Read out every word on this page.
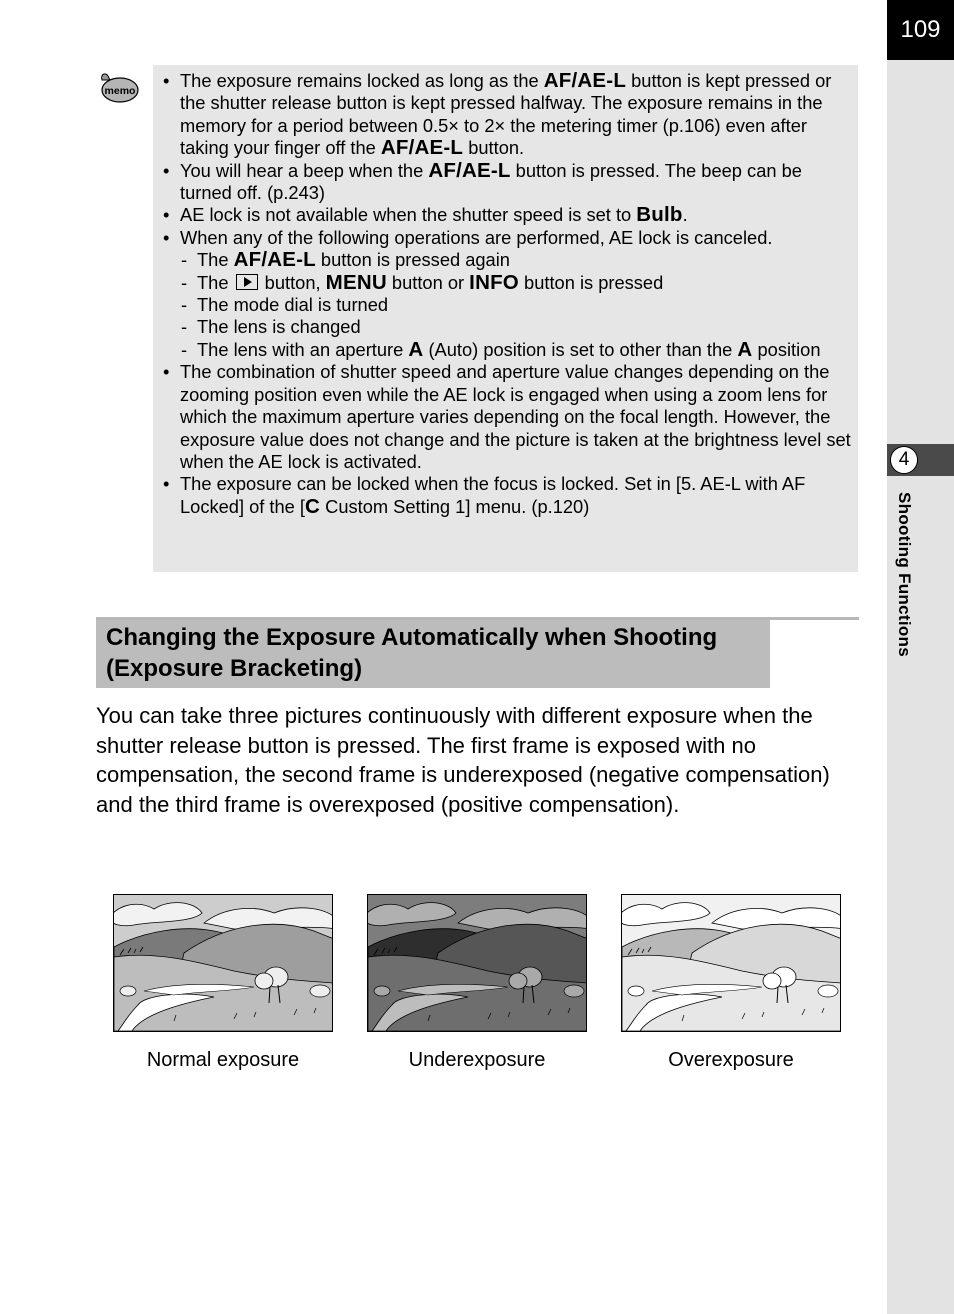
109
4
Shooting Functions
memo
•	The exposure remains locked as long as the AF/AE-L button is kept pressed or the shutter release button is kept pressed halfway. The exposure remains in the memory for a period between 0.5× to 2× the metering timer (p.106) even after taking your finger off the AF/AE-L button.
• You will hear a beep when the AF/AE-L button is pressed. The beep can be turned off. (p.243)
• AE lock is not available when the shutter speed is set to Bulb.
• When any of the following operations are performed, AE lock is canceled.
- The AF/AE-L button is pressed again
- The  button, MENU button or INFO button is pressed
- The mode dial is turned
- The lens is changed
- The lens with an aperture A (Auto) position is set to other than the A position
• The combination of shutter speed and aperture value changes depending on the zooming position even while the AE lock is engaged when using a zoom lens for which the maximum aperture varies depending on the focal length. However, the exposure value does not change and the picture is taken at the brightness level set when the AE lock is activated.
• The exposure can be locked when the focus is locked. Set in [5. AE-L with AF Locked] of the [C Custom Setting 1] menu. (p.120)
Changing the Exposure Automatically when Shooting
(Exposure Bracketing)
You can take three pictures continuously with different exposure when the shutter release button is pressed. The first frame is exposed with no compensation, the second frame is underexposed (negative compensation) and the third frame is overexposed (positive compensation).
Normal exposure	Underexposure	Overexposure
